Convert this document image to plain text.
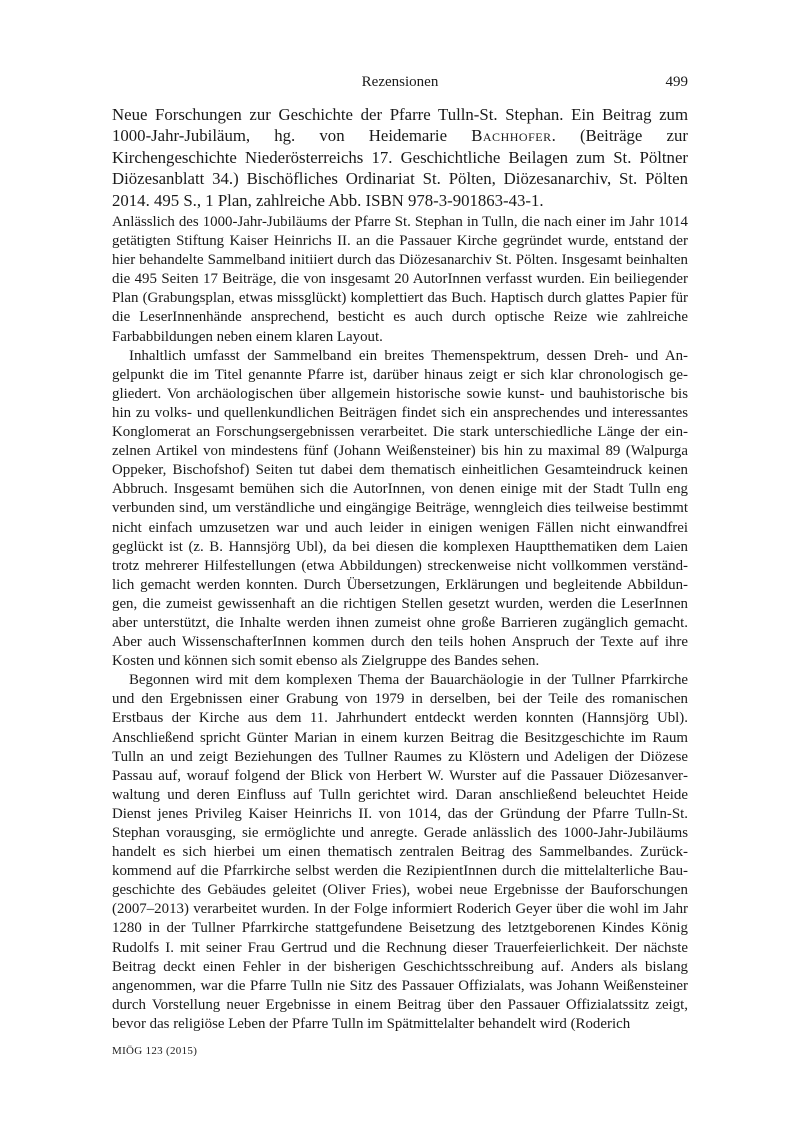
Rezensionen	499
Neue Forschungen zur Geschichte der Pfarre Tulln-St. Stephan. Ein Beitrag zum 1000-Jahr-Jubiläum, hg. von Heidemarie Bachhofer. (Beiträge zur Kirchengeschichte Niederösterreichs 17. Geschichtliche Beilagen zum St. Pöltner Diözesanblatt 34.) Bischöfliches Ordinariat St. Pölten, Diözesanarchiv, St. Pölten 2014. 495 S., 1 Plan, zahlreiche Abb. ISBN 978-3-901863-43-1.

Anlässlich des 1000-Jahr-Jubiläums der Pfarre St. Stephan in Tulln, die nach einer im Jahr 1014 getätigten Stiftung Kaiser Heinrichs II. an die Passauer Kirche gegründet wurde, entstand der hier behandelte Sammelband initiiert durch das Diözesanarchiv St. Pölten. Insgesamt beinhalten die 495 Seiten 17 Beiträge, die von insgesamt 20 AutorInnen verfasst wurden. Ein beiliegender Plan (Grabungsplan, etwas missglückt) komplettiert das Buch. Haptisch durch glattes Papier für die LeserInnenhände ansprechend, besticht es auch durch optische Reize wie zahlreiche Farbabbildungen neben einem klaren Layout.

Inhaltlich umfasst der Sammelband ein breites Themenspektrum, dessen Dreh- und Angelpunkt die im Titel genannte Pfarre ist, darüber hinaus zeigt er sich klar chronologisch gegliedert. Von archäologischen über allgemein historische sowie kunst- und bauhistorische bis hin zu volks- und quellenkundlichen Beiträgen findet sich ein ansprechendes und interessantes Konglomerat an Forschungsergebnissen verarbeitet. Die stark unterschiedliche Länge der einzelnen Artikel von mindestens fünf (Johann Weißensteiner) bis hin zu maximal 89 (Walpurga Oppeker, Bischofshof) Seiten tut dabei dem thematisch einheitlichen Gesamteindruck keinen Abbruch. Insgesamt bemühen sich die AutorInnen, von denen einige mit der Stadt Tulln eng verbunden sind, um verständliche und eingängige Beiträge, wenngleich dies teilweise bestimmt nicht einfach umzusetzen war und auch leider in einigen wenigen Fällen nicht einwandfrei geglückt ist (z. B. Hannsjörg Ubl), da bei diesen die komplexen Hauptthematiken dem Laien trotz mehrerer Hilfestellungen (etwa Abbildungen) streckenweise nicht vollkommen verständlich gemacht werden konnten. Durch Übersetzungen, Erklärungen und begleitende Abbildungen, die zumeist gewissenhaft an die richtigen Stellen gesetzt wurden, werden die LeserInnen aber unterstützt, die Inhalte werden ihnen zumeist ohne große Barrieren zugänglich gemacht. Aber auch WissenschafterInnen kommen durch den teils hohen Anspruch der Texte auf ihre Kosten und können sich somit ebenso als Zielgruppe des Bandes sehen.

Begonnen wird mit dem komplexen Thema der Bauarchäologie in der Tullner Pfarrkirche und den Ergebnissen einer Grabung von 1979 in derselben, bei der Teile des romanischen Erstbaus der Kirche aus dem 11. Jahrhundert entdeckt werden konnten (Hannsjörg Ubl). Anschließend spricht Günter Marian in einem kurzen Beitrag die Besitzgeschichte im Raum Tulln an und zeigt Beziehungen des Tullner Raumes zu Klöstern und Adeligen der Diözese Passau auf, worauf folgend der Blick von Herbert W. Wurster auf die Passauer Diözesanverwaltung und deren Einfluss auf Tulln gerichtet wird. Daran anschließend beleuchtet Heide Dienst jenes Privileg Kaiser Heinrichs II. von 1014, das der Gründung der Pfarre Tulln-St. Stephan vorausging, sie ermöglichte und anregte. Gerade anlässlich des 1000-Jahr-Jubiläums handelt es sich hierbei um einen thematisch zentralen Beitrag des Sammelbandes. Zurückkommend auf die Pfarrkirche selbst werden die RezipientInnen durch die mittelalterliche Baugeschichte des Gebäudes geleitet (Oliver Fries), wobei neue Ergebnisse der Bauforschungen (2007–2013) verarbeitet wurden. In der Folge informiert Roderich Geyer über die wohl im Jahr 1280 in der Tullner Pfarrkirche stattgefundene Beisetzung des letztgeborenen Kindes König Rudolfs I. mit seiner Frau Gertrud und die Rechnung dieser Trauerfeierlichkeit. Der nächste Beitrag deckt einen Fehler in der bisherigen Geschichtsschreibung auf. Anders als bislang angenommen, war die Pfarre Tulln nie Sitz des Passauer Offizialats, was Johann Weißensteiner durch Vorstellung neuer Ergebnisse in einem Beitrag über den Passauer Offizialatssitz zeigt, bevor das religiöse Leben der Pfarre Tulln im Spätmittelalter behandelt wird (Roderich

MIÖG 123 (2015)
